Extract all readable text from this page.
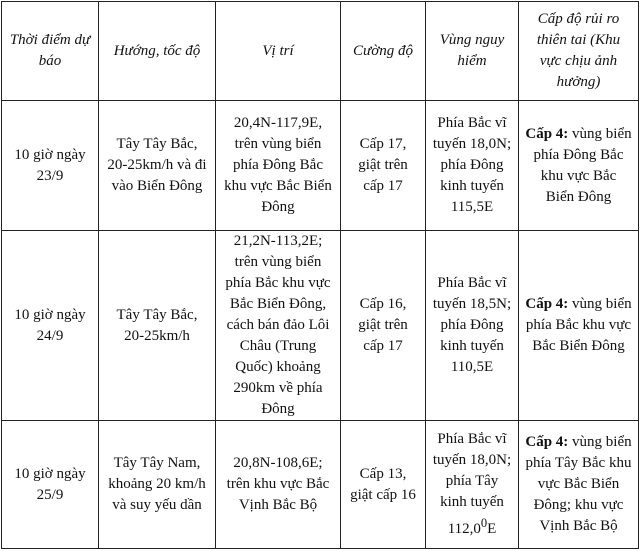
Thời điểm dự báo	Hướng, tốc độ	Vị trí	Cường độ	Vùng nguy hiểm	Cấp độ rủi ro thiên tai (Khu vực chịu ảnh hưởng)
10 giờ ngày 23/9	Tây Tây Bắc, 20-25km/h và đi vào Biển Đông	20,4N-117,9E, trên vùng biển phía Đông Bắc khu vực Bắc Biển Đông	Cấp 17, giật trên cấp 17	Phía Bắc vĩ tuyến 18,0N; phía Đông kinh tuyến 115,5E	Cấp 4: vùng biển phía Đông Bắc khu vực Bắc Biển Đông
10 giờ ngày 24/9	Tây Tây Bắc, 20-25km/h	21,2N-113,2E; trên vùng biển phía Bắc khu vực Bắc Biển Đông, cách bán đảo Lôi Châu (Trung Quốc) khoảng 290km về phía Đông	Cấp 16, giật trên cấp 17	Phía Bắc vĩ tuyến 18,5N; phía Đông kinh tuyến 110,5E	Cấp 4: vùng biển phía Bắc khu vực Bắc Biển Đông
10 giờ ngày 25/9	Tây Tây Nam, khoảng 20 km/h và suy yếu dần	20,8N-108,6E; trên khu vực Bắc Vịnh Bắc Bộ	Cấp 13, giật cấp 16	Phía Bắc vĩ tuyến 18,0N; phía Tây kinh tuyến 112,0$^0$E	Cấp 4: vùng biển phía Tây Bắc khu vực Bắc Biển Đông; khu vực Vịnh Bắc Bộ
